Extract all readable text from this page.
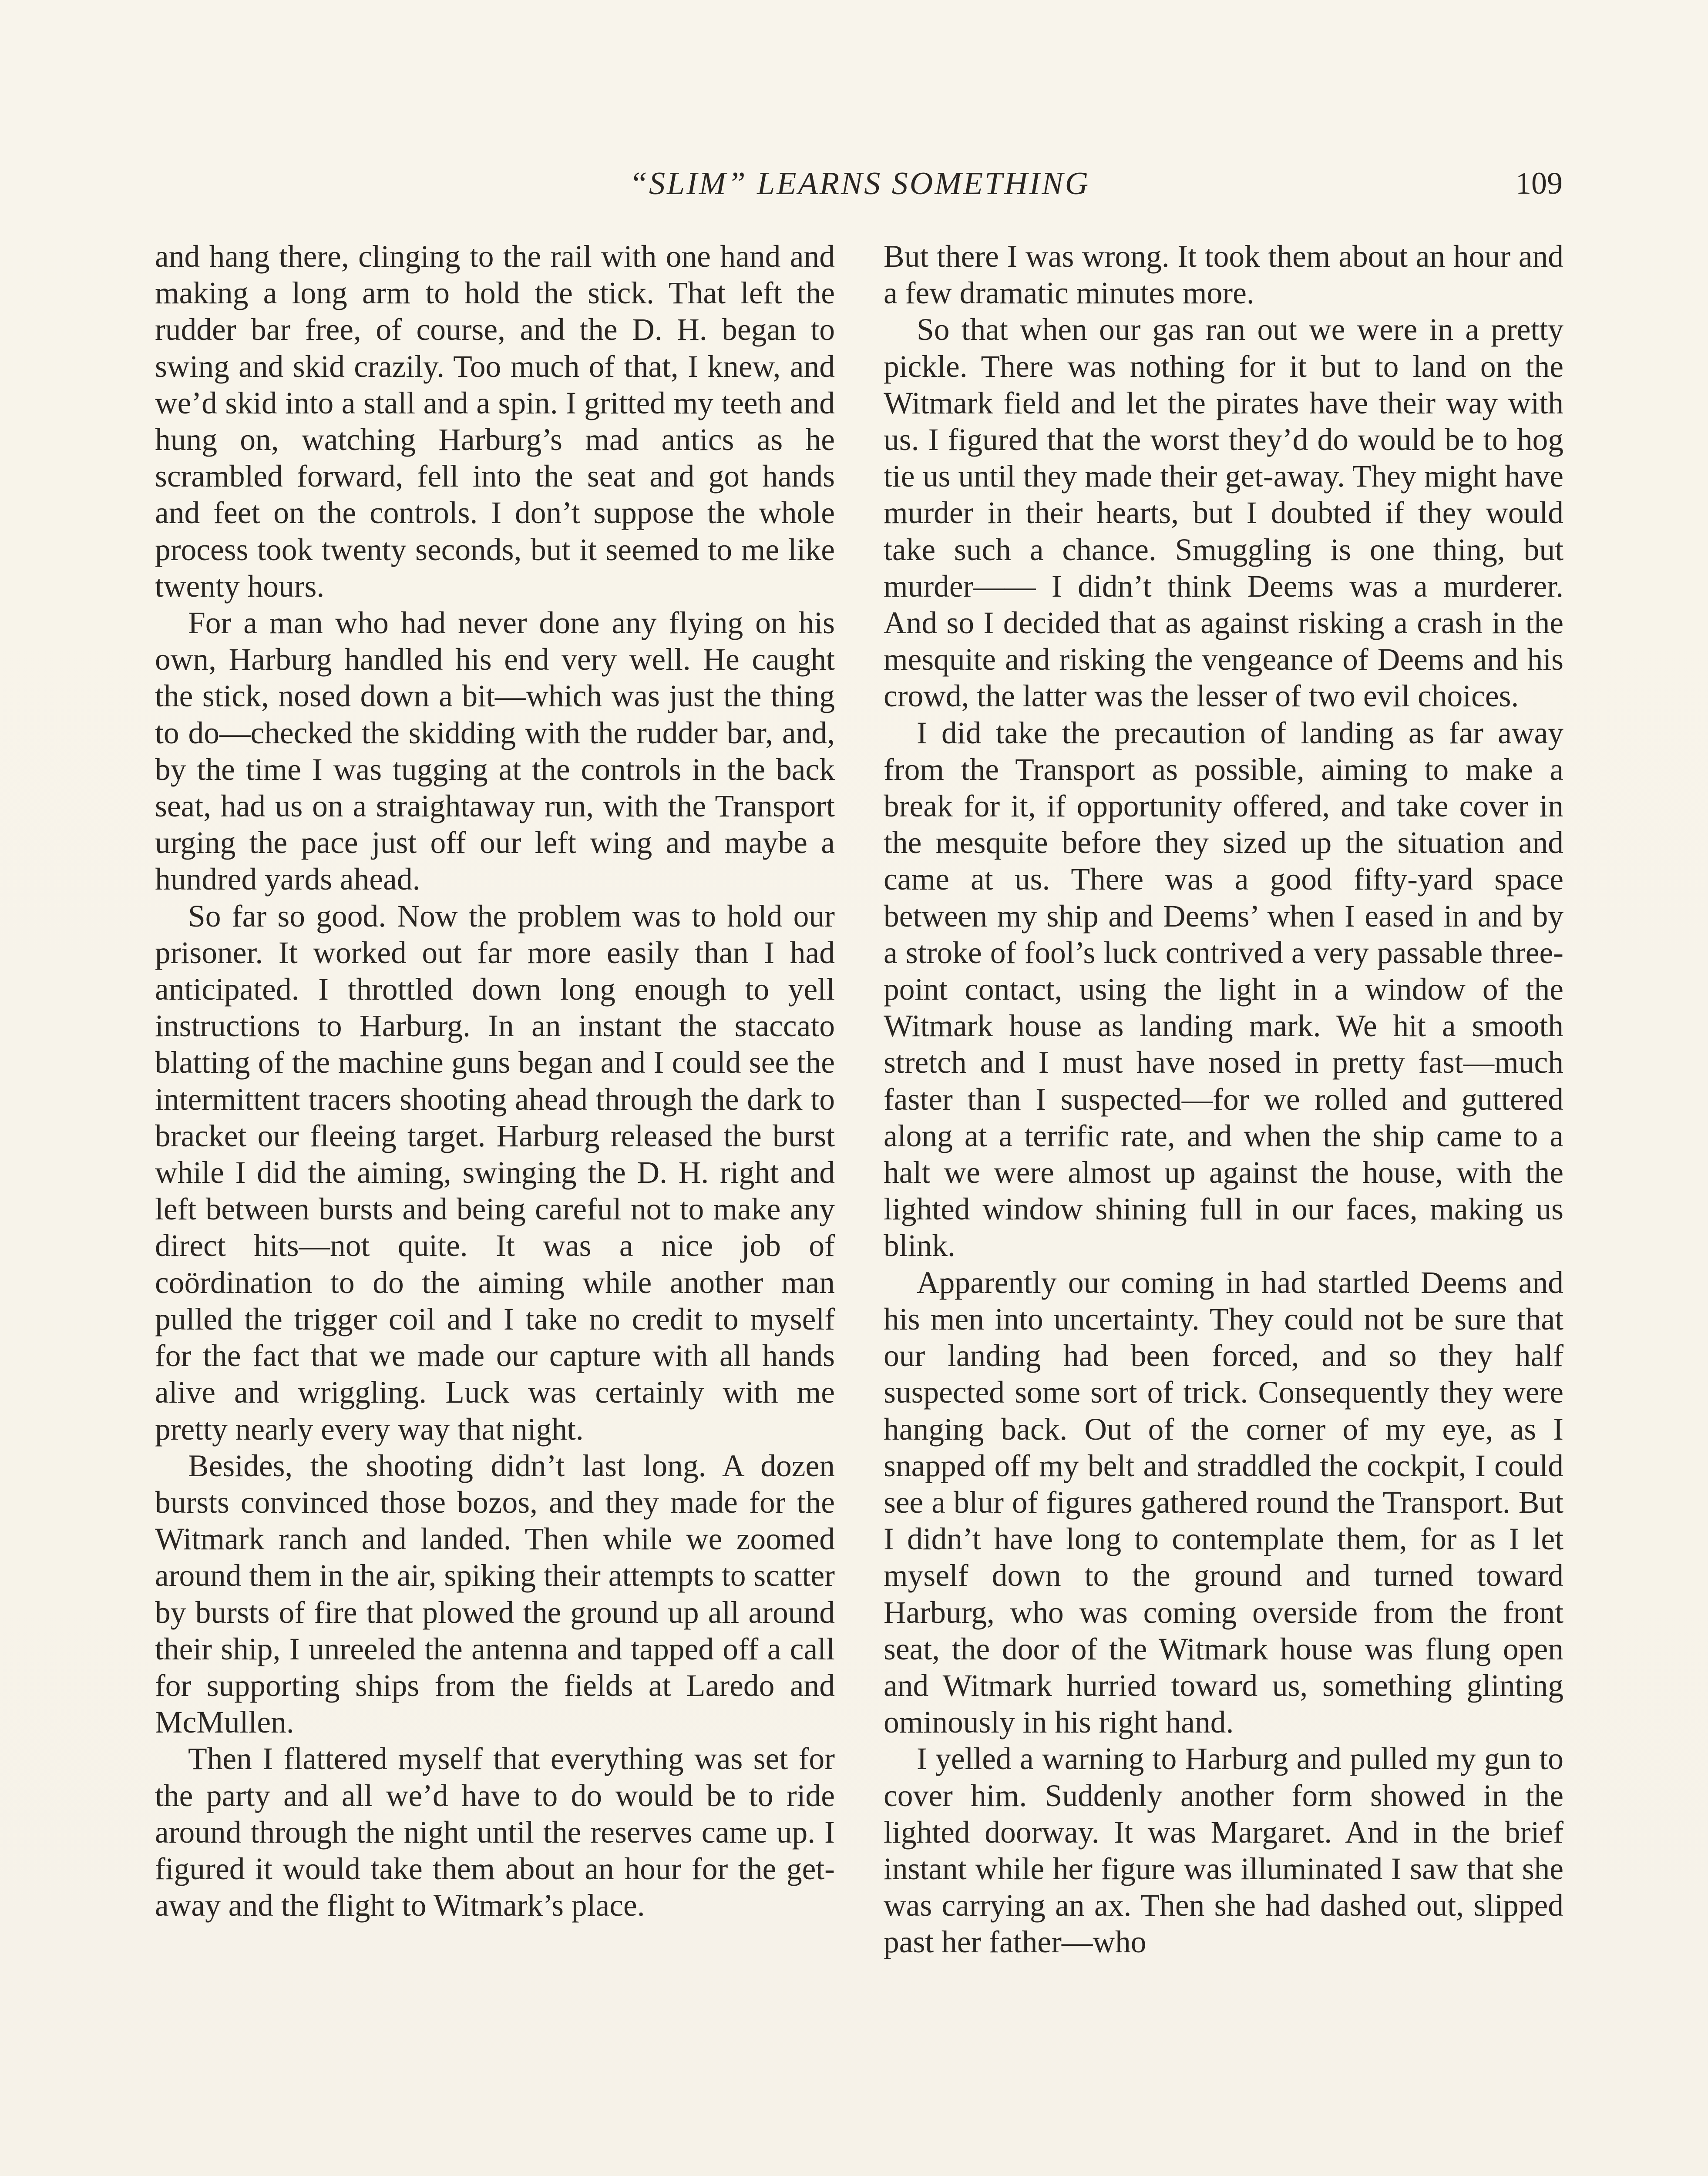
“SLIM” LEARNS SOMETHING	109

and hang there, clinging to the rail with one hand and making a long arm to hold the stick. That left the rudder bar free, of course, and the D. H. began to swing and skid crazily. Too much of that, I knew, and we’d skid into a stall and a spin. I gritted my teeth and hung on, watching Harburg’s mad antics as he scrambled forward, fell into the seat and got hands and feet on the controls. I don’t suppose the whole process took twenty seconds, but it seemed to me like twenty hours.

For a man who had never done any flying on his own, Harburg handled his end very well. He caught the stick, nosed down a bit—which was just the thing to do—checked the skidding with the rudder bar, and, by the time I was tugging at the controls in the back seat, had us on a straightaway run, with the Transport urging the pace just off our left wing and maybe a hundred yards ahead.

So far so good. Now the problem was to hold our prisoner. It worked out far more easily than I had anticipated. I throttled down long enough to yell instructions to Harburg. In an instant the staccato blatting of the machine guns began and I could see the intermittent tracers shooting ahead through the dark to bracket our fleeing target. Harburg released the burst while I did the aiming, swinging the D. H. right and left between bursts and being careful not to make any direct hits—not quite. It was a nice job of coördination to do the aiming while another man pulled the trigger coil and I take no credit to myself for the fact that we made our capture with all hands alive and wriggling. Luck was certainly with me pretty nearly every way that night.

Besides, the shooting didn’t last long. A dozen bursts convinced those bozos, and they made for the Witmark ranch and landed. Then while we zoomed around them in the air, spiking their attempts to scatter by bursts of fire that plowed the ground up all around their ship, I unreeled the antenna and tapped off a call for supporting ships from the fields at Laredo and McMullen.

Then I flattered myself that everything was set for the party and all we’d have to do would be to ride around through the night until the reserves came up. I figured it would take them about an hour for the get-away and the flight to Witmark’s place.

But there I was wrong. It took them about an hour and a few dramatic minutes more.

So that when our gas ran out we were in a pretty pickle. There was nothing for it but to land on the Witmark field and let the pirates have their way with us. I figured that the worst they’d do would be to hog tie us until they made their get-away. They might have murder in their hearts, but I doubted if they would take such a chance. Smuggling is one thing, but murder—— I didn’t think Deems was a murderer. And so I decided that as against risking a crash in the mesquite and risking the vengeance of Deems and his crowd, the latter was the lesser of two evil choices.

I did take the precaution of landing as far away from the Transport as possible, aiming to make a break for it, if opportunity offered, and take cover in the mesquite before they sized up the situation and came at us. There was a good fifty-yard space between my ship and Deems’ when I eased in and by a stroke of fool’s luck contrived a very passable three-point contact, using the light in a window of the Witmark house as landing mark. We hit a smooth stretch and I must have nosed in pretty fast—much faster than I suspected—for we rolled and guttered along at a terrific rate, and when the ship came to a halt we were almost up against the house, with the lighted window shining full in our faces, making us blink.

Apparently our coming in had startled Deems and his men into uncertainty. They could not be sure that our landing had been forced, and so they half suspected some sort of trick. Consequently they were hanging back. Out of the corner of my eye, as I snapped off my belt and straddled the cockpit, I could see a blur of figures gathered round the Transport. But I didn’t have long to contemplate them, for as I let myself down to the ground and turned toward Harburg, who was coming overside from the front seat, the door of the Witmark house was flung open and Witmark hurried toward us, something glinting ominously in his right hand.

I yelled a warning to Harburg and pulled my gun to cover him. Suddenly another form showed in the lighted doorway. It was Margaret. And in the brief instant while her figure was illuminated I saw that she was carrying an ax. Then she had dashed out, slipped past her father—who
